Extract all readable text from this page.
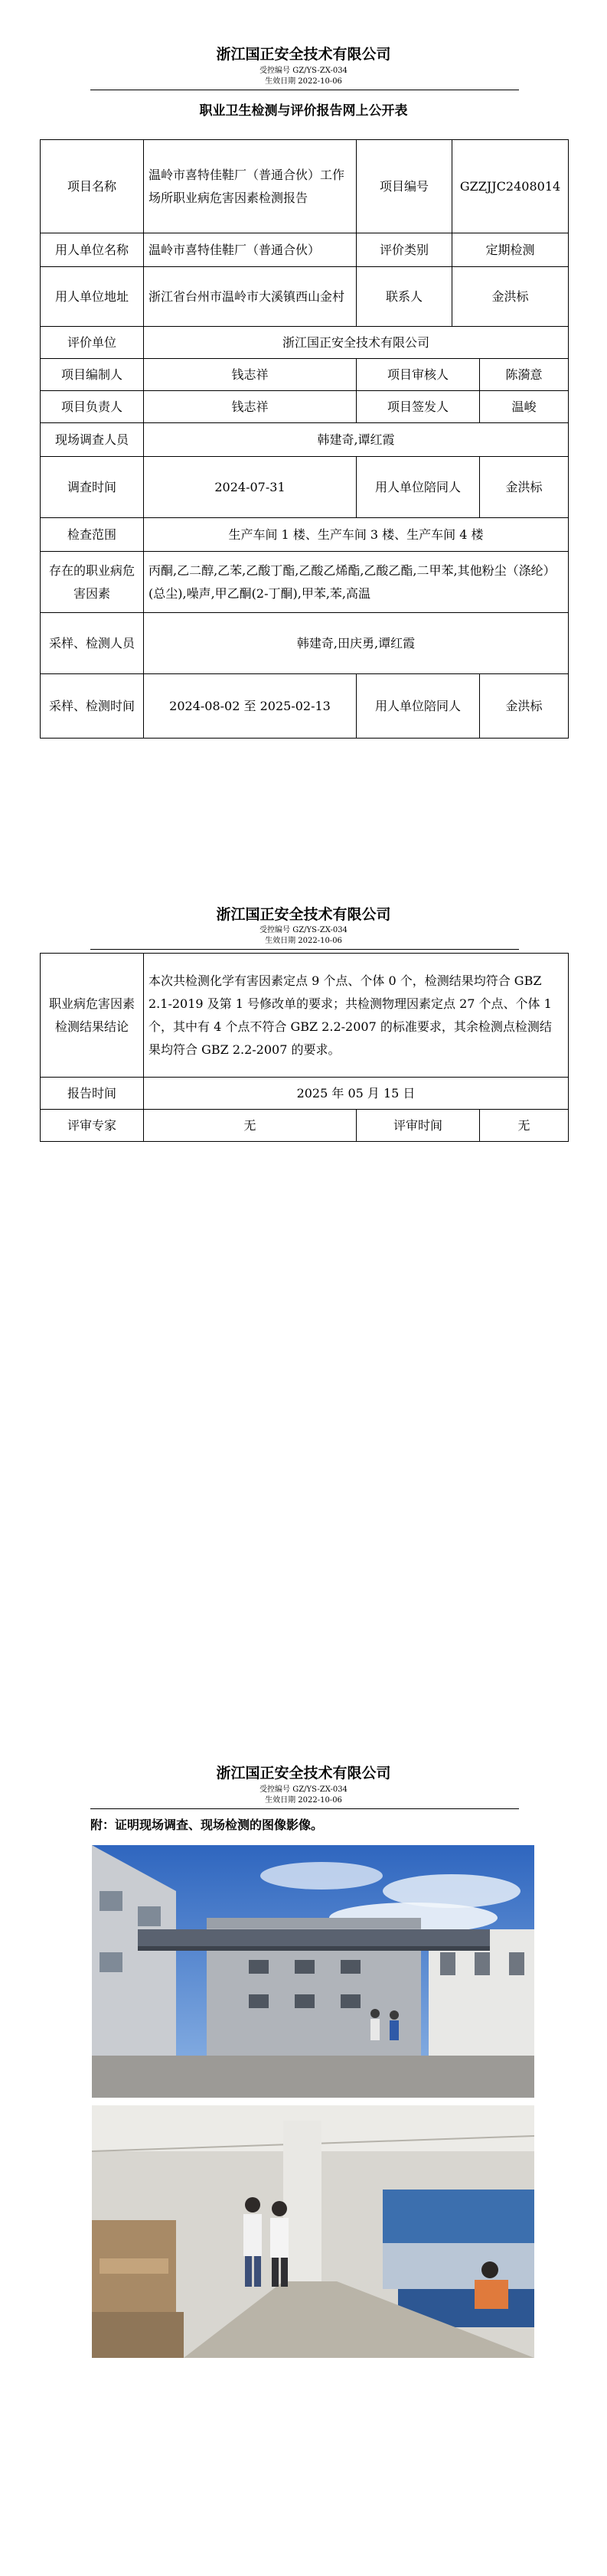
浙江国正安全技术有限公司
受控编号 GZ/YS-ZX-034
生效日期 2022-10-06
职业卫生检测与评价报告网上公开表
项目名称	温岭市喜特佳鞋厂（普通合伙）工作场所职业病危害因素检测报告	项目编号	GZZJJC2408014	
用人单位名称	温岭市喜特佳鞋厂（普通合伙）	评价类别	定期检测	
用人单位地址	浙江省台州市温岭市大溪镇西山金村	联系人	金洪标	
评价单位	浙江国正安全技术有限公司			
项目编制人	钱志祥	项目审核人		陈漪意
项目负责人	钱志祥	项目签发人		温峻
现场调查人员	韩建奇,谭红霞			
调查时间	2024-07-31	用人单位陪同人		金洪标
检查范围	生产车间 1 楼、生产车间 3 楼、生产车间 4 楼			
存在的职业病危害因素	丙酮,乙二醇,乙苯,乙酸丁酯,乙酸乙烯酯,乙酸乙酯,二甲苯,其他粉尘（涤纶）(总尘),噪声,甲乙酮(2-丁酮),甲苯,苯,高温			
采样、检测人员	韩建奇,田庆勇,谭红霞			
采样、检测时间	2024-08-02 至 2025-02-13	用人单位陪同人		金洪标
浙江国正安全技术有限公司
受控编号 GZ/YS-ZX-034
生效日期 2022-10-06
职业病危害因素检测结果结论	本次共检测化学有害因素定点 9 个点、个体 0 个，检测结果均符合 GBZ 2.1-2019 及第 1 号修改单的要求；共检测物理因素定点 27 个点、个体 1 个，其中有 4 个点不符合 GBZ 2.2-2007 的标准要求，其余检测点检测结果均符合 GBZ 2.2-2007 的要求。		
报告时间	2025 年 05 月 15 日		
评审专家	无	评审时间	无
浙江国正安全技术有限公司
受控编号 GZ/YS-ZX-034
生效日期 2022-10-06
附：证明现场调查、现场检测的图像影像。
